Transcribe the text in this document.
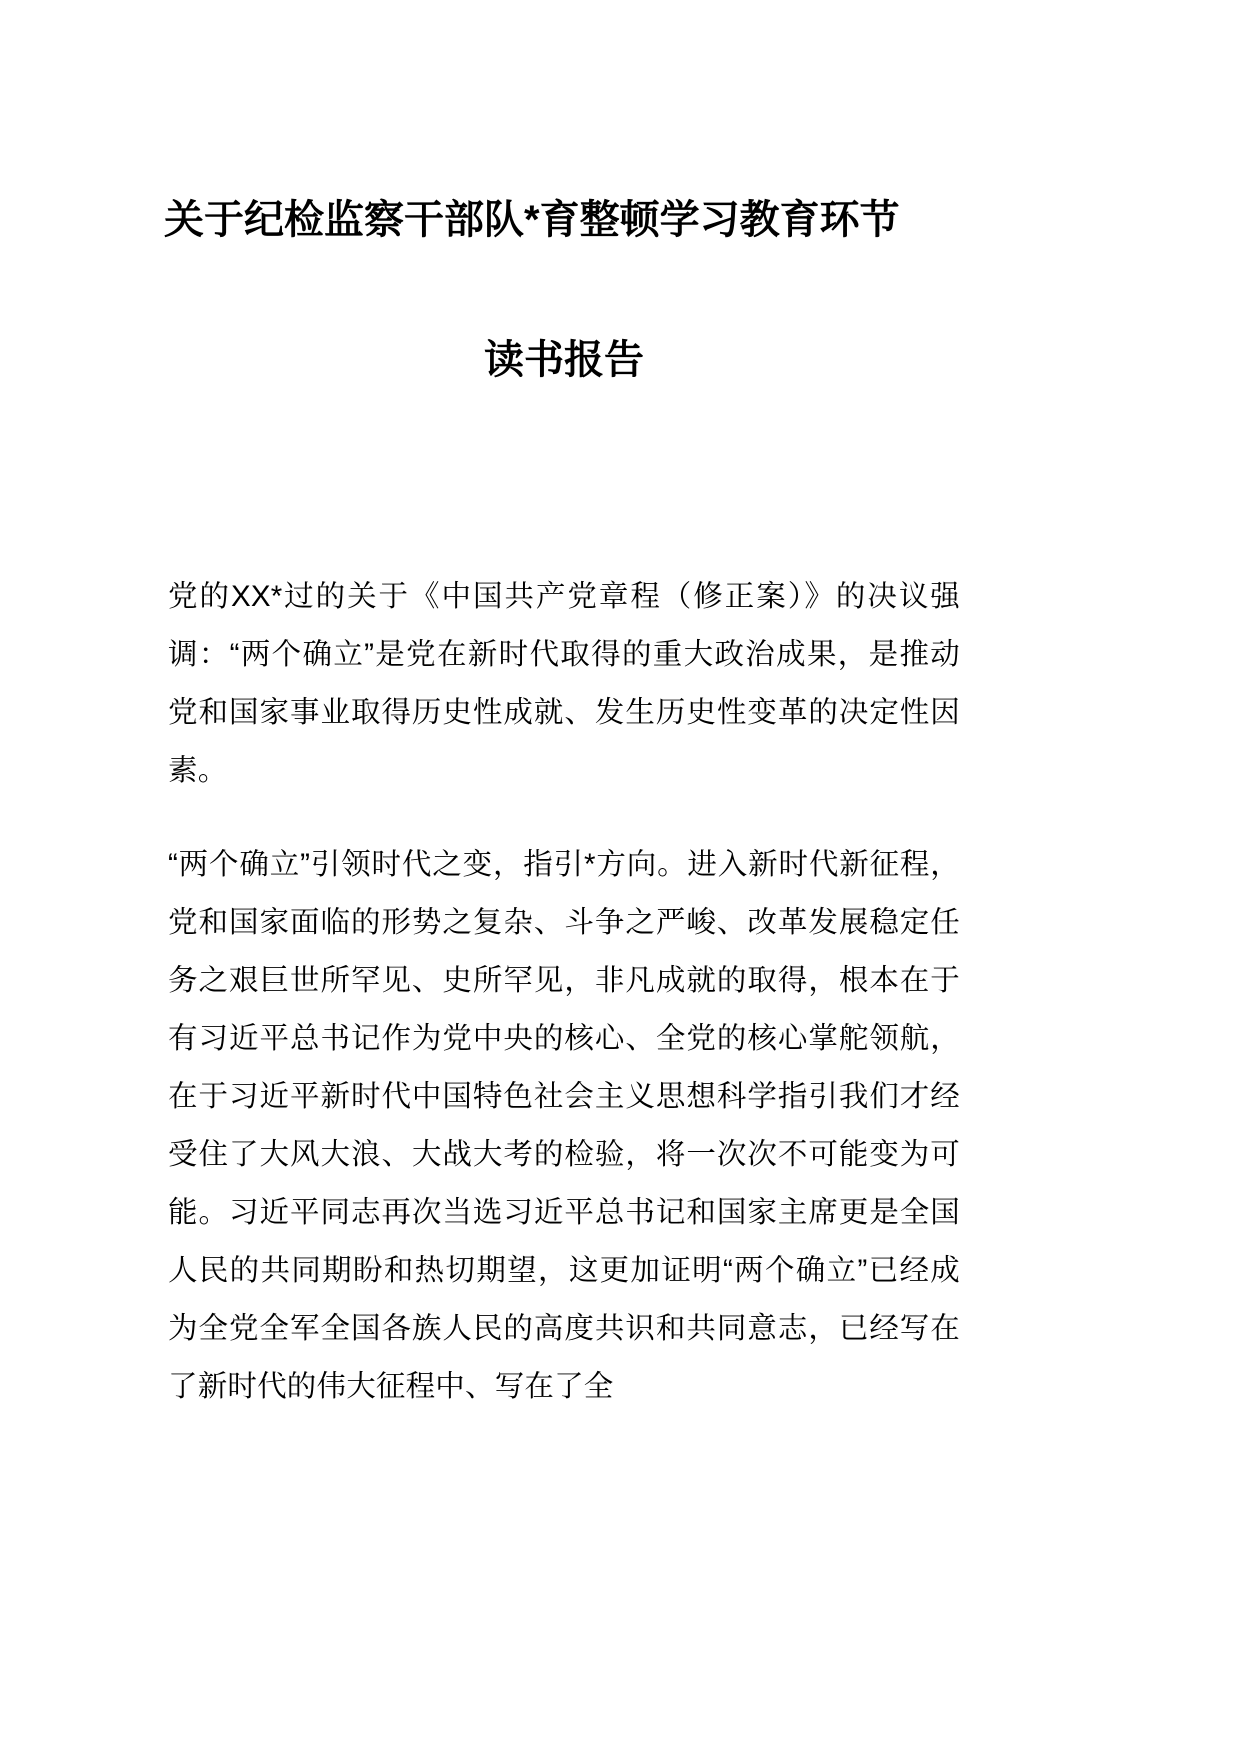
关于纪检监察干部队*育整顿学习教育环节
读书报告

党的XX*过的关于《中国共产党章程（修正案）》的决议强调：“两个确立”是党在新时代取得的重大政治成果，是推动党和国家事业取得历史性成就、发生历史性变革的决定性因素。

“两个确立”引领时代之变，指引*方向。进入新时代新征程，党和国家面临的形势之复杂、斗争之严峻、改革发展稳定任务之艰巨世所罕见、史所罕见，非凡成就的取得，根本在于有习近平总书记作为党中央的核心、全党的核心掌舵领航，在于习近平新时代中国特色社会主义思想科学指引我们才经受住了大风大浪、大战大考的检验，将一次次不可能变为可能。习近平同志再次当选习近平总书记和国家主席更是全国人民的共同期盼和热切期望，这更加证明“两个确立”已经成为全党全军全国各族人民的高度共识和共同意志，已经写在了新时代的伟大征程中、写在了全
